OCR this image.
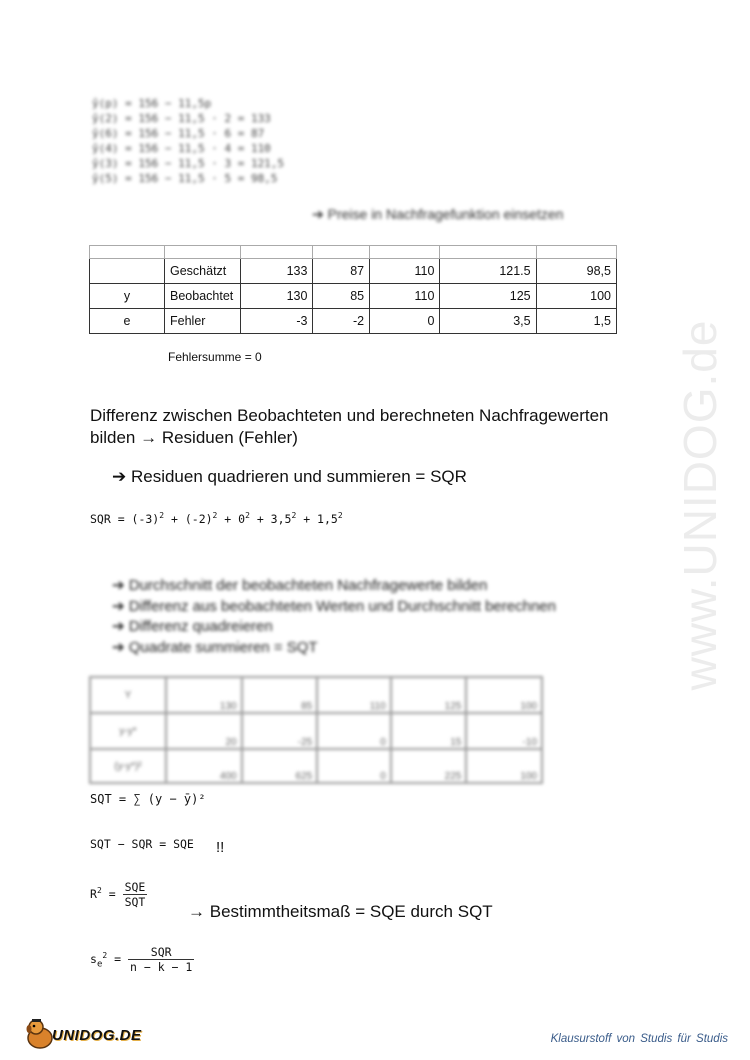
ŷ(p) = 156 − 11,5p
ŷ(2) = 156 − 11,5 · 2 = 133
ŷ(6) = 156 − 11,5 · 6 = 87
ŷ(4) = 156 − 11,5 · 4 = 110
ŷ(3) = 156 − 11,5 · 3 = 121,5
ŷ(5) = 156 − 11,5 · 5 = 98,5
➔ Preise in Nachfragefunktion einsetzen

	Geschätzt	133	87	110	121.5	98,5
y	Beobachtet	130	85	110	125	100
e	Fehler	-3	-2	0	3,5	1,5
Fehlersumme = 0
Differenz zwischen Beobachteten und berechneten Nachfragewerten
bilden → Residuen (Fehler)
➔ Residuen quadrieren und summieren = SQR
SQR = $(-3)^2 + (-2)^2 + 0^2 + 3,5^2 + 1,5^2$
➔ Durchschnitt der beobachteten Nachfragewerte bilden
➔ Differenz aus beobachteten Werten und Durchschnitt berechnen
➔ Differenz quadreieren
➔ Quadrate summieren = SQT
Y	130	85	110	125	100
y-y*	20	-25	0	15	-10
(y-y*)²	400	625	0	225	100
SQT = ∑ (y − ȳ)²
SQT − SQR = SQE !!
$R^2 = \frac{\text{SQE}}{\text{SQT}}$
→ Bestimmtheitsmaß = SQE durch SQT
$s_e^2 = \frac{\text{SQR}}{n - k - 1}$
www.UNIDOG.de
UNIDOG.DE	Klausurstoff von Studis für Studis
